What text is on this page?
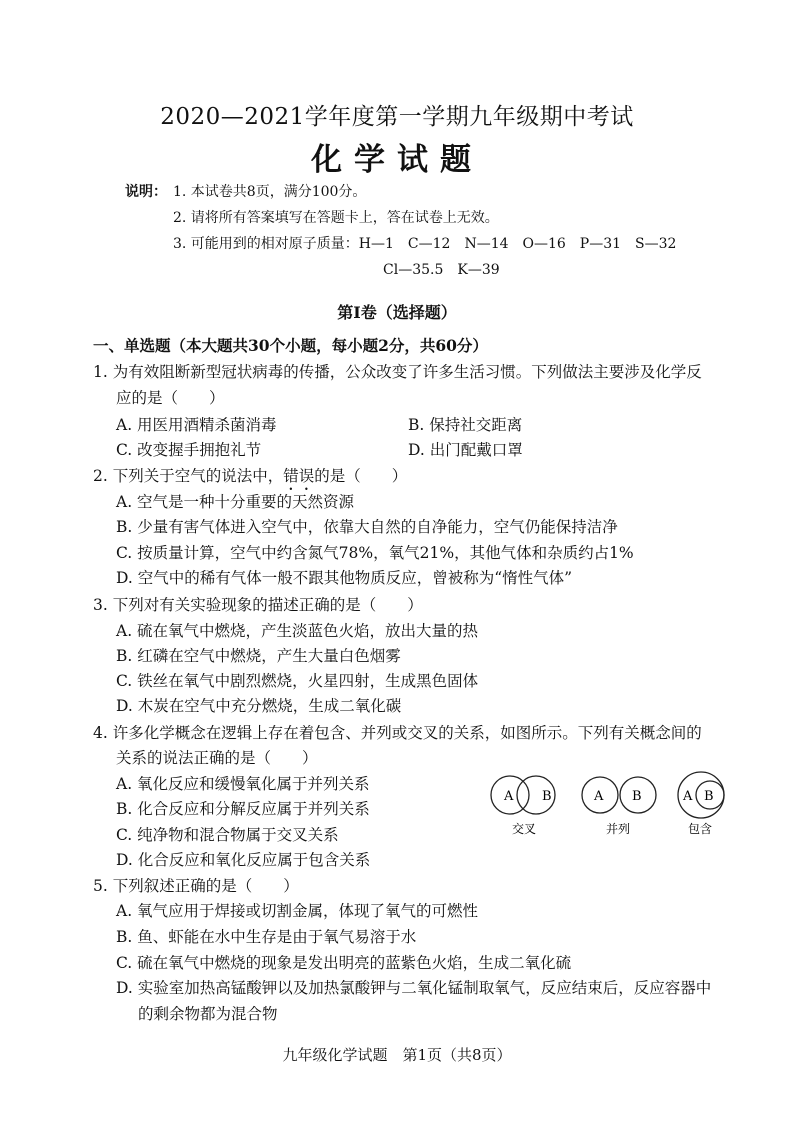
2020—2021学年度第一学期九年级期中考试
化学试题
说明： 1. 本试卷共8页，满分100分。
2. 请将所有答案填写在答题卡上，答在试卷上无效。
3. 可能用到的相对原子质量：H—1　C—12　N—14　O—16　P—31　S—32
Cl—35.5　K—39
第Ⅰ卷（选择题）
一、单选题（本大题共30个小题，每小题2分，共60分）
1. 为有效阻断新型冠状病毒的传播，公众改变了许多生活习惯。下列做法主要涉及化学反
应的是（　　）
A. 用医用酒精杀菌消毒	B. 保持社交距离
C. 改变握手拥抱礼节	D. 出门配戴口罩
2. 下列关于空气的说法中，错误的是（　　）
A. 空气是一种十分重要的天然资源
B. 少量有害气体进入空气中，依靠大自然的自净能力，空气仍能保持洁净
C. 按质量计算，空气中约含氮气78%，氧气21%，其他气体和杂质约占1%
D. 空气中的稀有气体一般不跟其他物质反应，曾被称为“惰性气体”
3. 下列对有关实验现象的描述正确的是（　　）
A. 硫在氧气中燃烧，产生淡蓝色火焰，放出大量的热
B. 红磷在空气中燃烧，产生大量白色烟雾
C. 铁丝在氧气中剧烈燃烧，火星四射，生成黑色固体
D. 木炭在空气中充分燃烧，生成二氧化碳
4. 许多化学概念在逻辑上存在着包含、并列或交叉的关系，如图所示。下列有关概念间的
关系的说法正确的是（　　）
A. 氧化反应和缓慢氧化属于并列关系
B. 化合反应和分解反应属于并列关系
C. 纯净物和混合物属于交叉关系
D. 化合反应和氧化反应属于包含关系
A B
交叉
A B
并列
A B
包含
5. 下列叙述正确的是（　　）
A. 氧气应用于焊接或切割金属，体现了氧气的可燃性
B. 鱼、虾能在水中生存是由于氧气易溶于水
C. 硫在氧气中燃烧的现象是发出明亮的蓝紫色火焰，生成二氧化硫
D. 实验室加热高锰酸钾以及加热氯酸钾与二氧化锰制取氧气，反应结束后，反应容器中
的剩余物都为混合物
九年级化学试题　第1页（共8页）
